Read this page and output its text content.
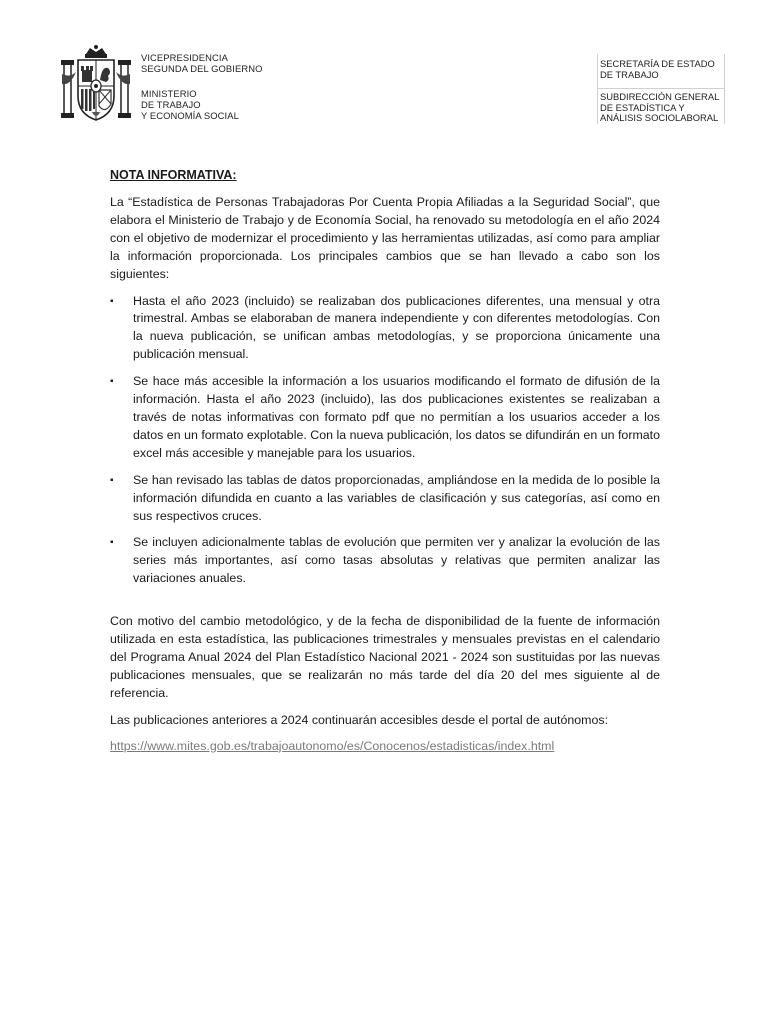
VICEPRESIDENCIA
SEGUNDA DEL GOBIERNO
MINISTERIO
DE TRABAJO
Y ECONOMÍA SOCIAL
SECRETARÍA DE ESTADO
DE TRABAJO
SUBDIRECCIÓN GENERAL
DE ESTADÍSTICA Y
ANÁLISIS SOCIOLABORAL
NOTA INFORMATIVA:

La “Estadística de Personas Trabajadoras Por Cuenta Propia Afiliadas a la Seguridad Social”, que elabora el Ministerio de Trabajo y de Economía Social, ha renovado su metodología en el año 2024 con el objetivo de modernizar el procedimiento y las herramientas utilizadas, así como para ampliar la información proporcionada. Los principales cambios que se han llevado a cabo son los siguientes:

▪ Hasta el año 2023 (incluido) se realizaban dos publicaciones diferentes, una mensual y otra trimestral. Ambas se elaboraban de manera independiente y con diferentes metodologías. Con la nueva publicación, se unifican ambas metodologías, y se proporciona únicamente una publicación mensual.
▪ Se hace más accesible la información a los usuarios modificando el formato de difusión de la información. Hasta el año 2023 (incluido), las dos publicaciones existentes se realizaban a través de notas informativas con formato pdf que no permitían a los usuarios acceder a los datos en un formato explotable. Con la nueva publicación, los datos se difundirán en un formato excel más accesible y manejable para los usuarios.
▪ Se han revisado las tablas de datos proporcionadas, ampliándose en la medida de lo posible la información difundida en cuanto a las variables de clasificación y sus categorías, así como en sus respectivos cruces.
▪ Se incluyen adicionalmente tablas de evolución que permiten ver y analizar la evolución de las series más importantes, así como tasas absolutas y relativas que permiten analizar las variaciones anuales.

Con motivo del cambio metodológico, y de la fecha de disponibilidad de la fuente de información utilizada en esta estadística, las publicaciones trimestrales y mensuales previstas en el calendario del Programa Anual 2024 del Plan Estadístico Nacional 2021 - 2024 son sustituidas por las nuevas publicaciones mensuales, que se realizarán no más tarde del día 20 del mes siguiente al de referencia.

Las publicaciones anteriores a 2024 continuarán accesibles desde el portal de autónomos:

https://www.mites.gob.es/trabajoautonomo/es/Conocenos/estadisticas/index.html
